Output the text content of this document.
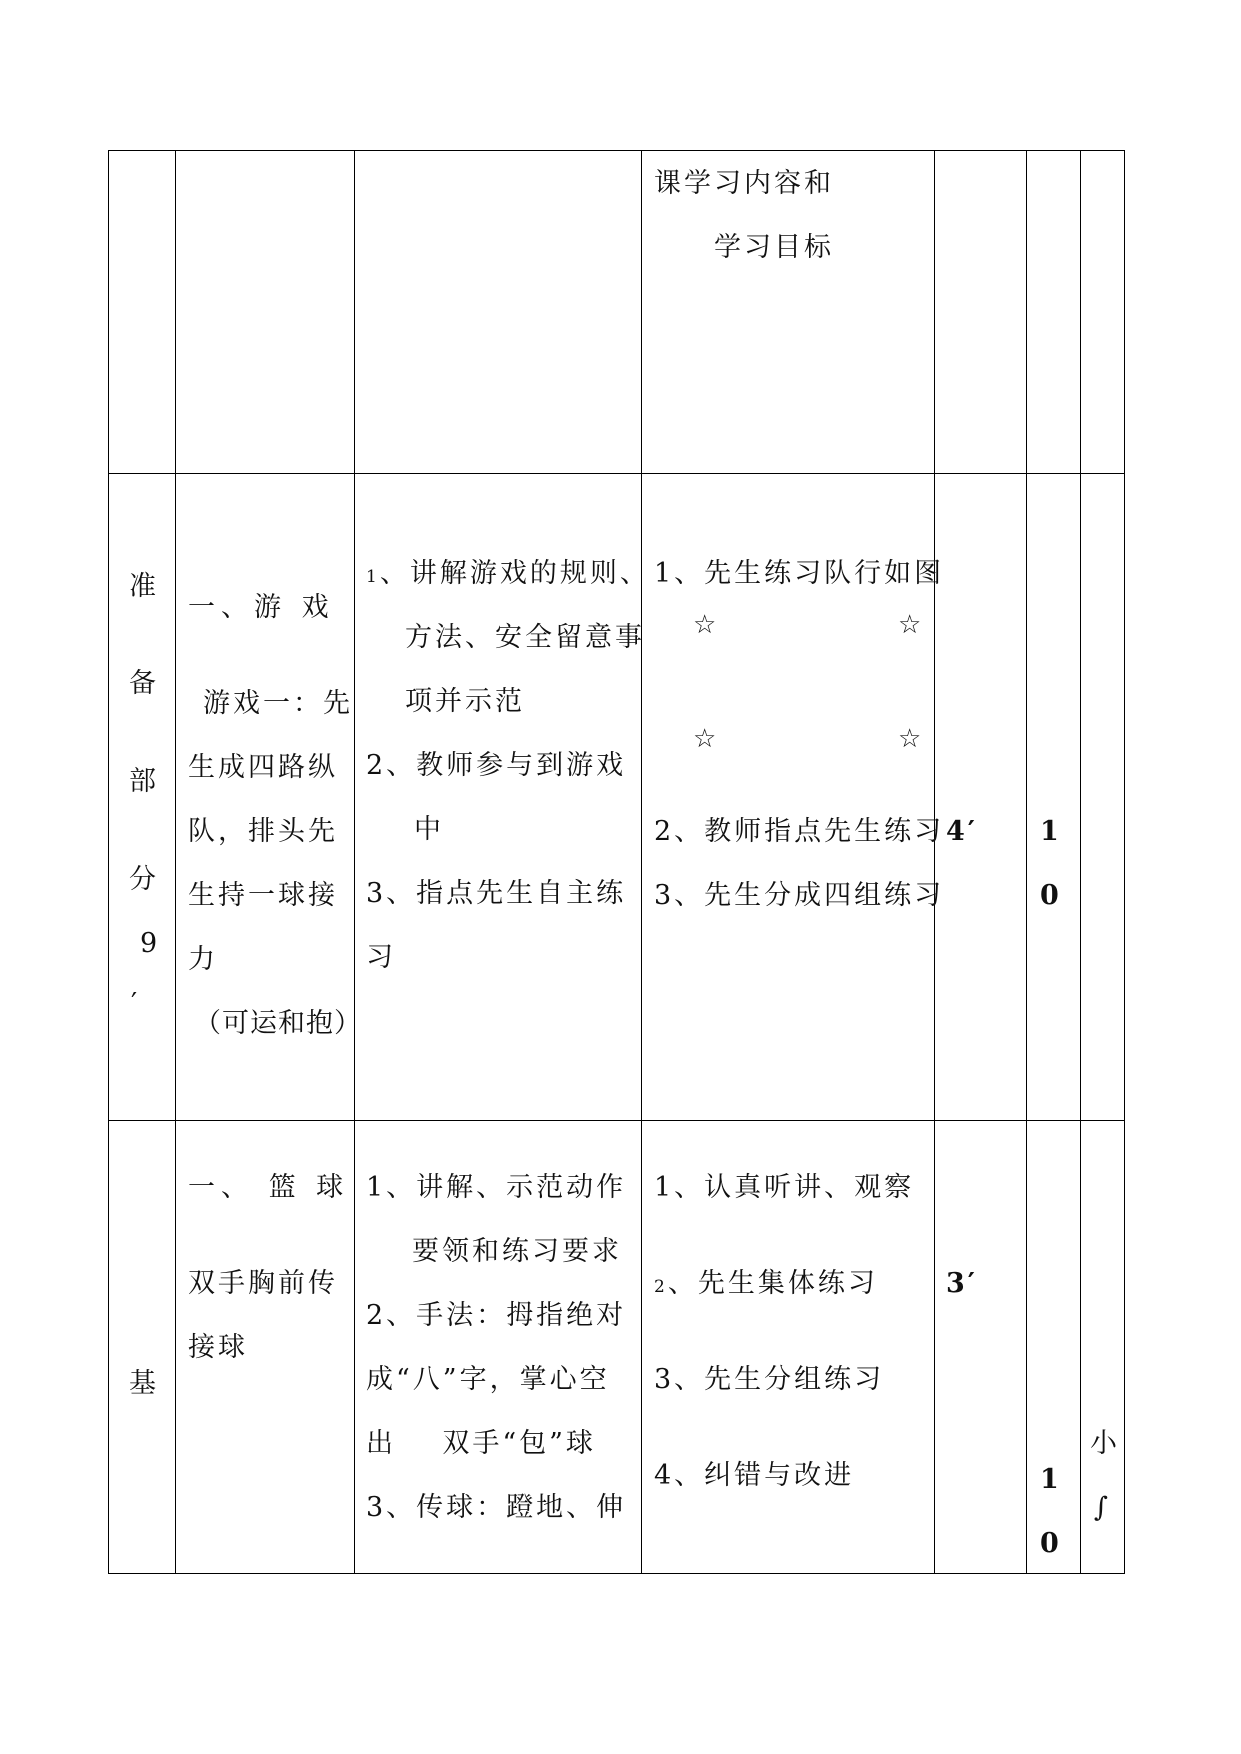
课学习内容和
学习目标
准
备
部
分
9
′
一、游 戏
游戏一：先
生成四路纵
队，排头先
生持一球接
力
（可运和抱）
1、讲解游戏的规则、
方法、安全留意事
项并示范
2、教师参与到游戏
中
3、指点先生自主练
习
1、先生练习队行如图
☆	☆
☆	☆
2、教师指点先生练习
3、先生分成四组练习
4′ 1
0
基
一、 篮 球
双手胸前传
接球
1、讲解、示范动作
要领和练习要求
2、手法：拇指绝对
成“八”字，掌心空
出    双手“包”球
3、传球：蹬地、伸
1、认真听讲、观察
2、先生集体练习
3、先生分组练习
4、纠错与改进
3′
1
0
小
∫
